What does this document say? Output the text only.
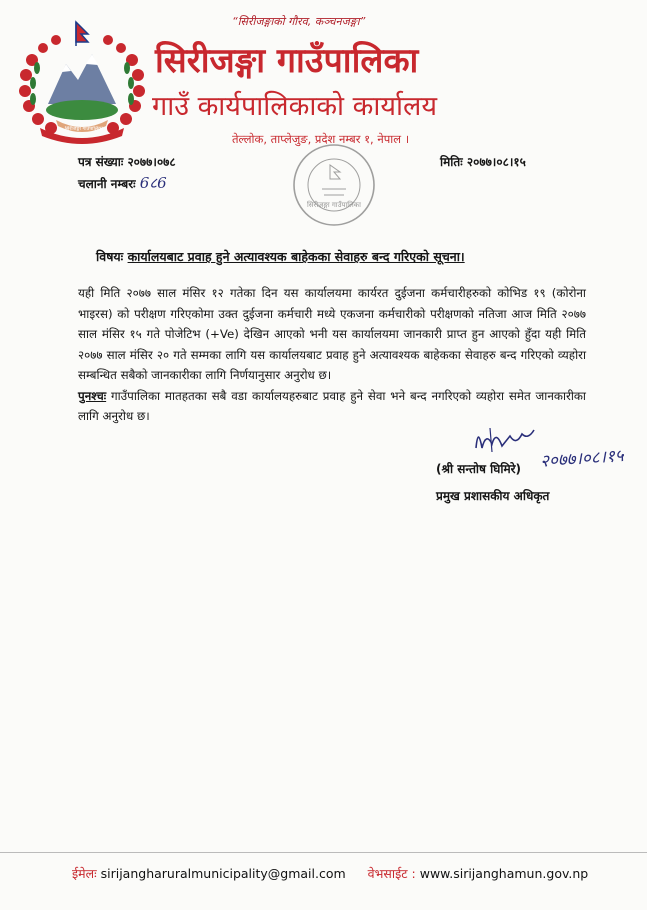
सिरीजङ्गा गाउँपालिका
“सिरीजङ्गाको गौरव, कञ्चनजङ्गा”
सिरीजङ्गा गाउँपालिका
गाउँ कार्यपालिकाको कार्यालय
तेल्लोक, ताप्लेजुङ, प्रदेश नम्बर १, नेपाल ।
पत्र संख्याः २०७७।०७८
चलानी नम्बरः 6८6
मितिः २०७७।०८।१५
सिरीजङ्गा गाउँपालिका
विषयः कार्यालयबाट प्रवाह हुने अत्यावश्यक बाहेकका सेवाहरु बन्द गरिएको सूचना।

यही मिति २०७७ साल मंसिर १२ गतेका दिन यस कार्यालयमा कार्यरत दुईजना कर्मचारीहरुको कोभिड १९ (कोरोना भाइरस) को परीक्षण गरिएकोमा उक्त दुईजना कर्मचारी मध्ये एकजना कर्मचारीको परीक्षणको नतिजा आज मिति २०७७ साल मंसिर १५ गते पोजेटिभ (+Ve) देखिन आएको भनी यस कार्यालयमा जानकारी प्राप्त हुन आएको हुँदा यही मिति २०७७ साल मंसिर २० गते सम्मका लागि यस कार्यालयबाट प्रवाह हुने अत्यावश्यक बाहेकका सेवाहरु बन्द गरिएको व्यहोरा सम्बन्धित सबैको जानकारीका लागि निर्णयानुसार अनुरोध छ।

पुनश्चः गाउँपालिका मातहतका सबै वडा कार्यालयहरुबाट प्रवाह हुने सेवा भने बन्द नगरिएको व्यहोरा समेत जानकारीका लागि अनुरोध छ।

२०७७।०८।१५
(श्री सन्तोष घिमिरे)
प्रमुख प्रशासकीय अधिकृत
ईमेलः sirijangharuralmunicipality@gmail.com वेभसाईट : www.sirijanghamun.gov.np
